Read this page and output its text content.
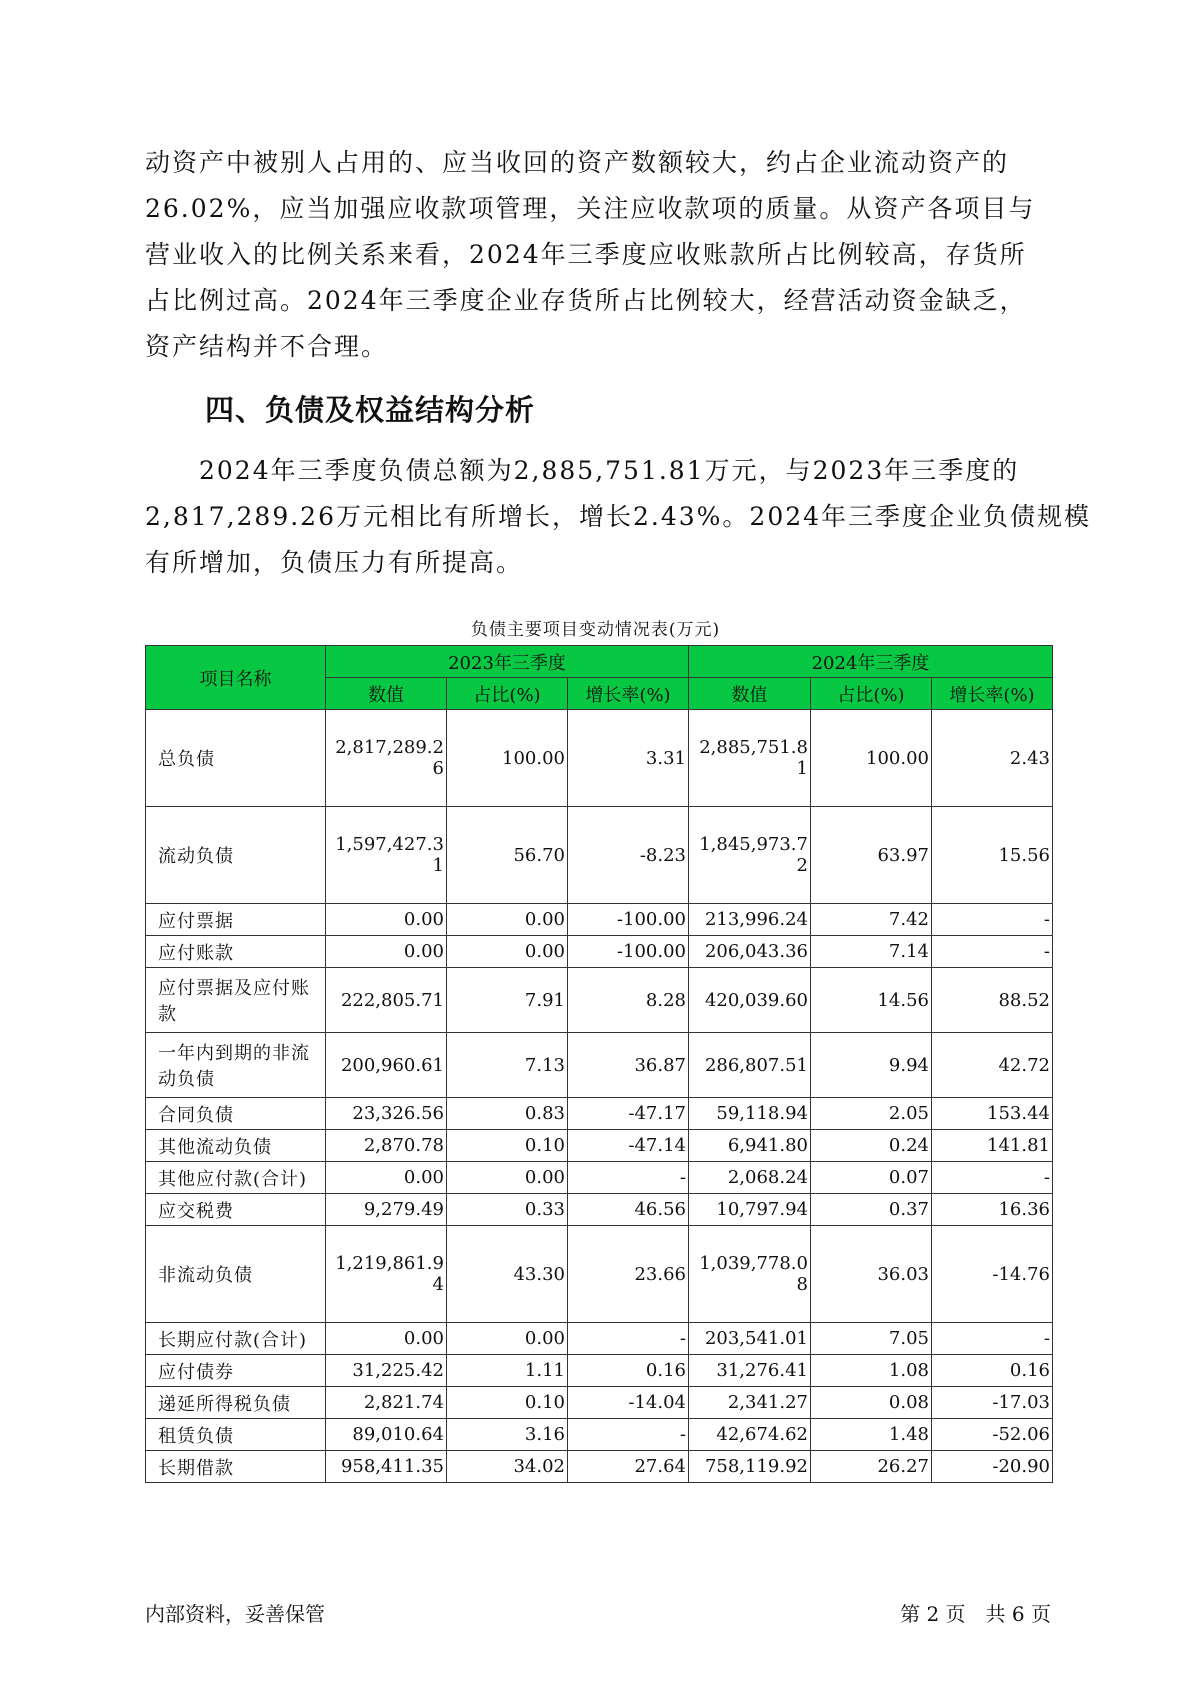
动资产中被别人占用的、应当收回的资产数额较大，约占企业流动资产的
26.02%，应当加强应收款项管理，关注应收款项的质量。从资产各项目与
营业收入的比例关系来看，2024年三季度应收账款所占比例较高，存货所
占比例过高。2024年三季度企业存货所占比例较大，经营活动资金缺乏，
资产结构并不合理。
四、负债及权益结构分析
　　2024年三季度负债总额为2,885,751.81万元，与2023年三季度的
2,817,289.26万元相比有所增长，增长2.43%。2024年三季度企业负债规模
有所增加，负债压力有所提高。
负债主要项目变动情况表(万元)
项目名称	2023年三季度			2024年三季度		
	数值	占比(%)	增长率(%)	数值	占比(%)	增长率(%)
总负债	2,817,289.26	100.00	3.31	2,885,751.81	100.00	2.43
流动负债	1,597,427.31	56.70	-8.23	1,845,973.72	63.97	15.56
应付票据	0.00	0.00	-100.00	213,996.24	7.42	-
应付账款	0.00	0.00	-100.00	206,043.36	7.14	-
应付票据及应付账款	222,805.71	7.91	8.28	420,039.60	14.56	88.52
一年内到期的非流动负债	200,960.61	7.13	36.87	286,807.51	9.94	42.72
合同负债	23,326.56	0.83	-47.17	59,118.94	2.05	153.44
其他流动负债	2,870.78	0.10	-47.14	6,941.80	0.24	141.81
其他应付款(合计)	0.00	0.00	-	2,068.24	0.07	-
应交税费	9,279.49	0.33	46.56	10,797.94	0.37	16.36
非流动负债	1,219,861.94	43.30	23.66	1,039,778.08	36.03	-14.76
长期应付款(合计)	0.00	0.00	-	203,541.01	7.05	-
应付债券	31,225.42	1.11	0.16	31,276.41	1.08	0.16
递延所得税负债	2,821.74	0.10	-14.04	2,341.27	0.08	-17.03
租赁负债	89,010.64	3.16	-	42,674.62	1.48	-52.06
长期借款	958,411.35	34.02	27.64	758,119.92	26.27	-20.90
内部资料，妥善保管	第 2 页　共 6 页
